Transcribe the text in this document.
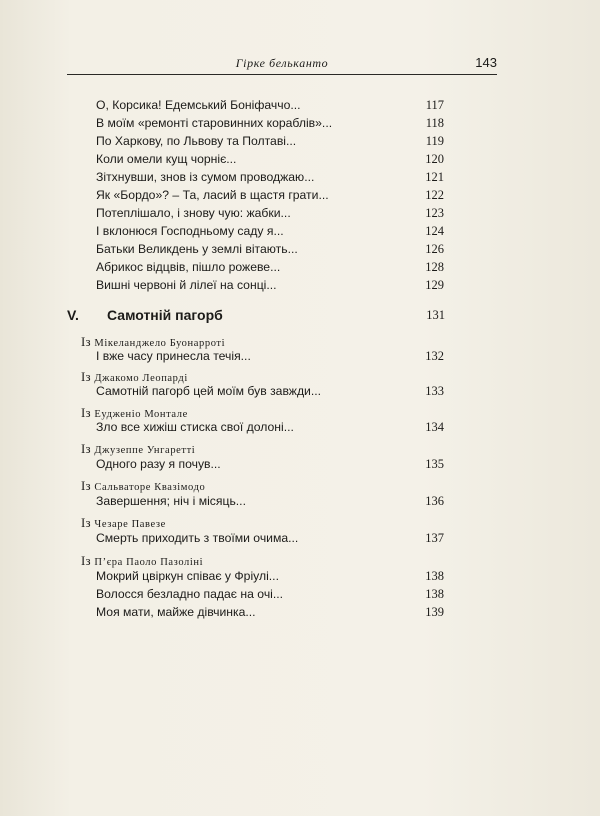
Гірке бельканто	143
О, Корсика! Едемський Боніфаччо...	117
В моїм «ремонті старовинних кораблів»...	118
По Харкову, по Львову та Полтаві...	119
Коли омели кущ чорніє...	120
Зітхнувши, знов із сумом проводжаю...	121
Як «Бордо»? – Та, ласий в щастя грати...	122
Потеплішало, і знову чую: жабки...	123
І вклонюся Господньому саду я...	124
Батьки Великдень у землі вітають...	126
Абрикос відцвів, пішло рожеве...	128
Вишні червоні й лілеї на сонці...	129
V. Самотній пагорб	131
Із Мікеланджело Буонарроті
І вже часу принесла течія...	132
Із Джакомо Леопарді
Самотній пагорб цей моїм був завжди...	133
Із Еудженіо Монтале
Зло все хижіш стиска свої долоні...	134
Із Джузеппе Унгаретті
Одного разу я почув...	135
Із Сальваторе Квазімодо
Завершення; ніч і місяць...	136
Із Чезаре Павезе
Смерть приходить з твоїми очима...	137
Із П’єра Паоло Пазоліні
Мокрий цвіркун співає у Фріулі...	138
Волосся безладно падає на очі...	138
Моя мати, майже дівчинка...	139
